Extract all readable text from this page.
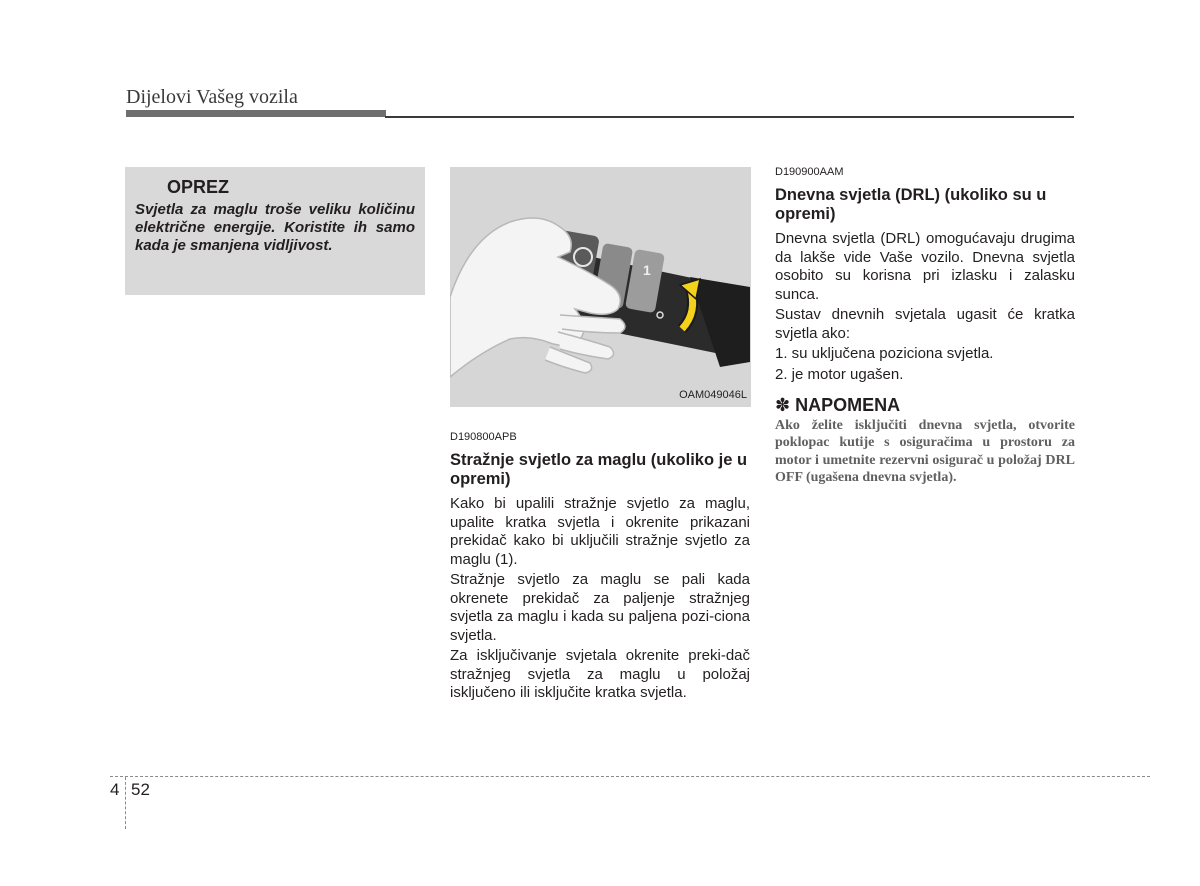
Dijelovi Vašeg vozila
OPREZ
Svjetla za maglu troše veliku količinu električne energije. Koristite ih samo kada je smanjena vidljivost.
1
OAM049046L
D190800APB
Stražnje svjetlo za maglu (ukoliko je u opremi)

Kako bi upalili stražnje svjetlo za maglu, upalite kratka svjetla i okrenite prikazani prekidač kako bi uključili stražnje svjetlo za maglu (1).

Stražnje svjetlo za maglu se pali kada okrenete prekidač za paljenje stražnjeg svjetla za maglu i kada su paljena pozi-ciona svjetla.

Za isključivanje svjetala okrenite preki-dač stražnjeg svjetla za maglu u položaj isključeno ili isključite kratka svjetla.

D190900AAM
Dnevna svjetla (DRL) (ukoliko su u opremi)

Dnevna svjetla (DRL) omogućavaju drugima da lakše vide Vaše vozilo. Dnevna svjetla osobito su korisna pri izlasku i zalasku sunca.

Sustav dnevnih svjetala ugasit će kratka svjetla ako:

1. su uključena poziciona svjetla.

2. je motor ugašen.

✽ NAPOMENA
Ako želite isključiti dnevna svjetla, otvorite poklopac kutije s osiguračima u prostoru za motor i umetnite rezervni osigurač u položaj DRL OFF (ugašena dnevna svjetla).
4 52
